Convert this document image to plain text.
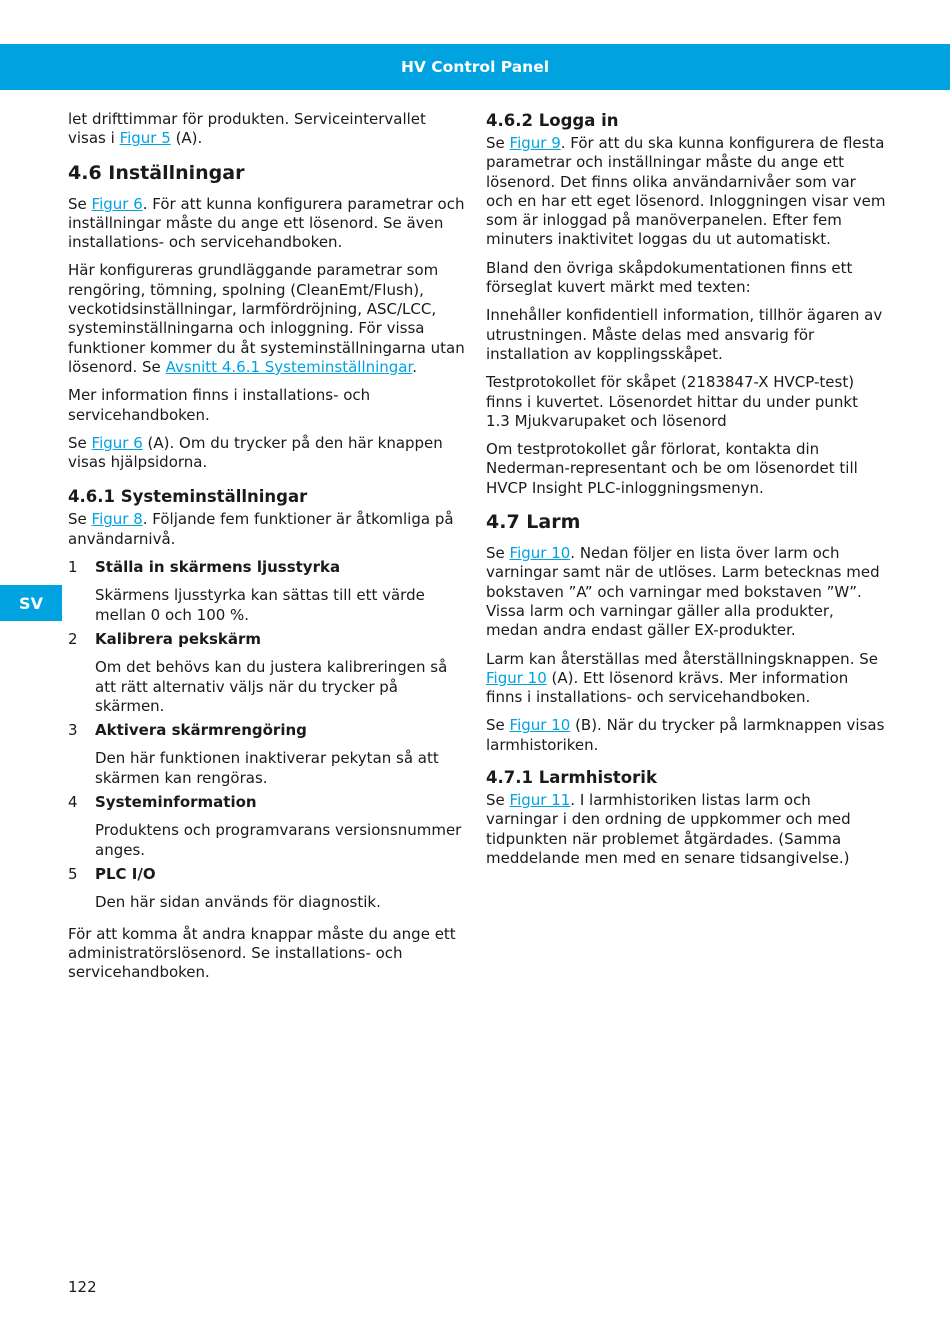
HV Control Panel
SV

let drifttimmar för produkten. Serviceintervallet visas i Figur 5 (A).

4.6 Inställningar

Se Figur 6. För att kunna konfigurera parametrar och inställningar måste du ange ett lösenord. Se även installations- och servicehandboken.

Här konfigureras grundläggande parametrar som rengöring, tömning, spolning (CleanEmt/Flush), veckotidsinställningar, larmfördröjning, ASC/LCC, systeminställningarna och inloggning. För vissa funktioner kommer du åt systeminställningarna utan lösenord. Se Avsnitt 4.6.1 Systeminställningar.

Mer information finns i installations- och servicehandboken.

Se Figur 6 (A). Om du trycker på den här knappen visas hjälpsidorna.

4.6.1 Systeminställningar

Se Figur 8. Följande fem funktioner är åtkomliga på användarnivå.

1	Ställa in skärmens ljusstyrka

Skärmens ljusstyrka kan sättas till ett värde mellan 0 och 100 %.

2	Kalibrera pekskärm

Om det behövs kan du justera kalibreringen så att rätt alternativ väljs när du trycker på skärmen.

3	Aktivera skärmrengöring

Den här funktionen inaktiverar pekytan så att skärmen kan rengöras.

4	Systeminformation

Produktens och programvarans versionsnummer anges.

5	PLC I/O

Den här sidan används för diagnostik.

För att komma åt andra knappar måste du ange ett administratörslösenord. Se installations- och servicehandboken.

4.6.2 Logga in

Se Figur 9. För att du ska kunna konfigurera de flesta parametrar och inställningar måste du ange ett lösenord. Det finns olika användarnivåer som var och en har ett eget lösenord. Inloggningen visar vem som är inloggad på manöverpanelen. Efter fem minuters inaktivitet loggas du ut automatiskt.

Bland den övriga skåpdokumentationen finns ett förseglat kuvert märkt med texten:

Innehåller konfidentiell information, tillhör ägaren av utrustningen. Måste delas med ansvarig för installation av kopplingsskåpet.

Testprotokollet för skåpet (2183847-X HVCP-test) finns i kuvertet. Lösenordet hittar du under punkt 1.3 Mjukvarupaket och lösenord

Om testprotokollet går förlorat, kontakta din Nederman-representant och be om lösenordet till HVCP Insight PLC-inloggningsmenyn.

4.7 Larm

Se Figur 10. Nedan följer en lista över larm och varningar samt när de utlöses. Larm betecknas med bokstaven ”A” och varningar med bokstaven ”W”. Vissa larm och varningar gäller alla produkter, medan andra endast gäller EX-produkter.

Larm kan återställas med återställningsknappen. Se Figur 10 (A). Ett lösenord krävs. Mer information finns i installations- och servicehandboken.

Se Figur 10 (B). När du trycker på larmknappen visas larmhistoriken.

4.7.1 Larmhistorik

Se Figur 11. I larmhistoriken listas larm och varningar i den ordning de uppkommer och med tidpunkten när problemet åtgärdades. (Samma meddelande men med en senare tidsangivelse.)

122
